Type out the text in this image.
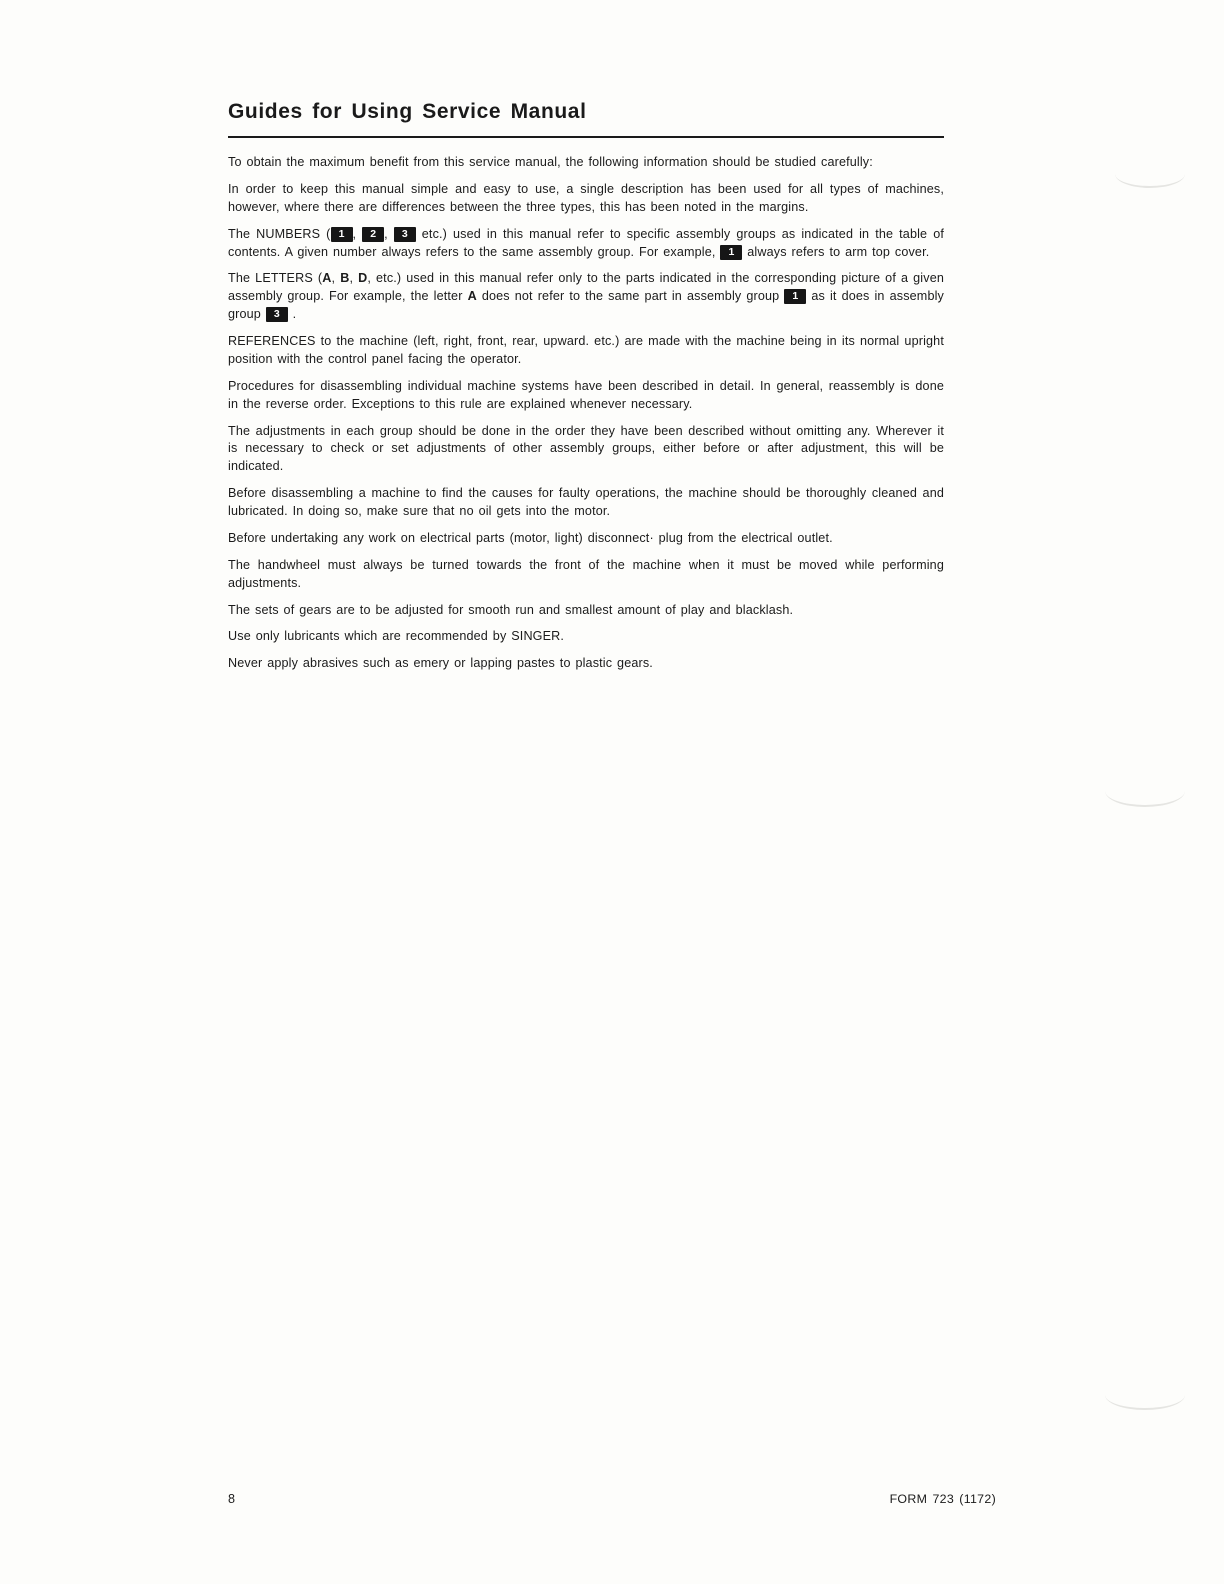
Guides for Using Service Manual

To obtain the maximum benefit from this service manual, the following information should be studied carefully:

In order to keep this manual simple and easy to use, a single description has been used for all types of machines, however, where there are differences between the three types, this has been noted in the margins.

The NUMBERS ( 1 , 2 , 3 etc.) used in this manual refer to specific assembly groups as indicated in the table of contents. A given number always refers to the same assembly group. For example, 1 always refers to arm top cover.

The LETTERS (A, B, D, etc.) used in this manual refer only to the parts indicated in the corresponding picture of a given assembly group. For example, the letter A does not refer to the same part in assembly group 1 as it does in assembly group 3 .

REFERENCES to the machine (left, right, front, rear, upward. etc.) are made with the machine being in its normal upright position with the control panel facing the operator.

Procedures for disassembling individual machine systems have been described in detail. In general, reassembly is done in the reverse order. Exceptions to this rule are explained whenever necessary.

The adjustments in each group should be done in the order they have been described without omitting any. Wherever it is necessary to check or set adjustments of other assembly groups, either before or after adjustment, this will be indicated.

Before disassembling a machine to find the causes for faulty operations, the machine should be thoroughly cleaned and lubricated. In doing so, make sure that no oil gets into the motor.

Before undertaking any work on electrical parts (motor, light) disconnect· plug from the electrical outlet.

The handwheel must always be turned towards the front of the machine when it must be moved while performing adjustments.

The sets of gears are to be adjusted for smooth run and smallest amount of play and blacklash.

Use only lubricants which are recommended by SINGER.

Never apply abrasives such as emery or lapping pastes to plastic gears.

8	FORM 723 (1172)
